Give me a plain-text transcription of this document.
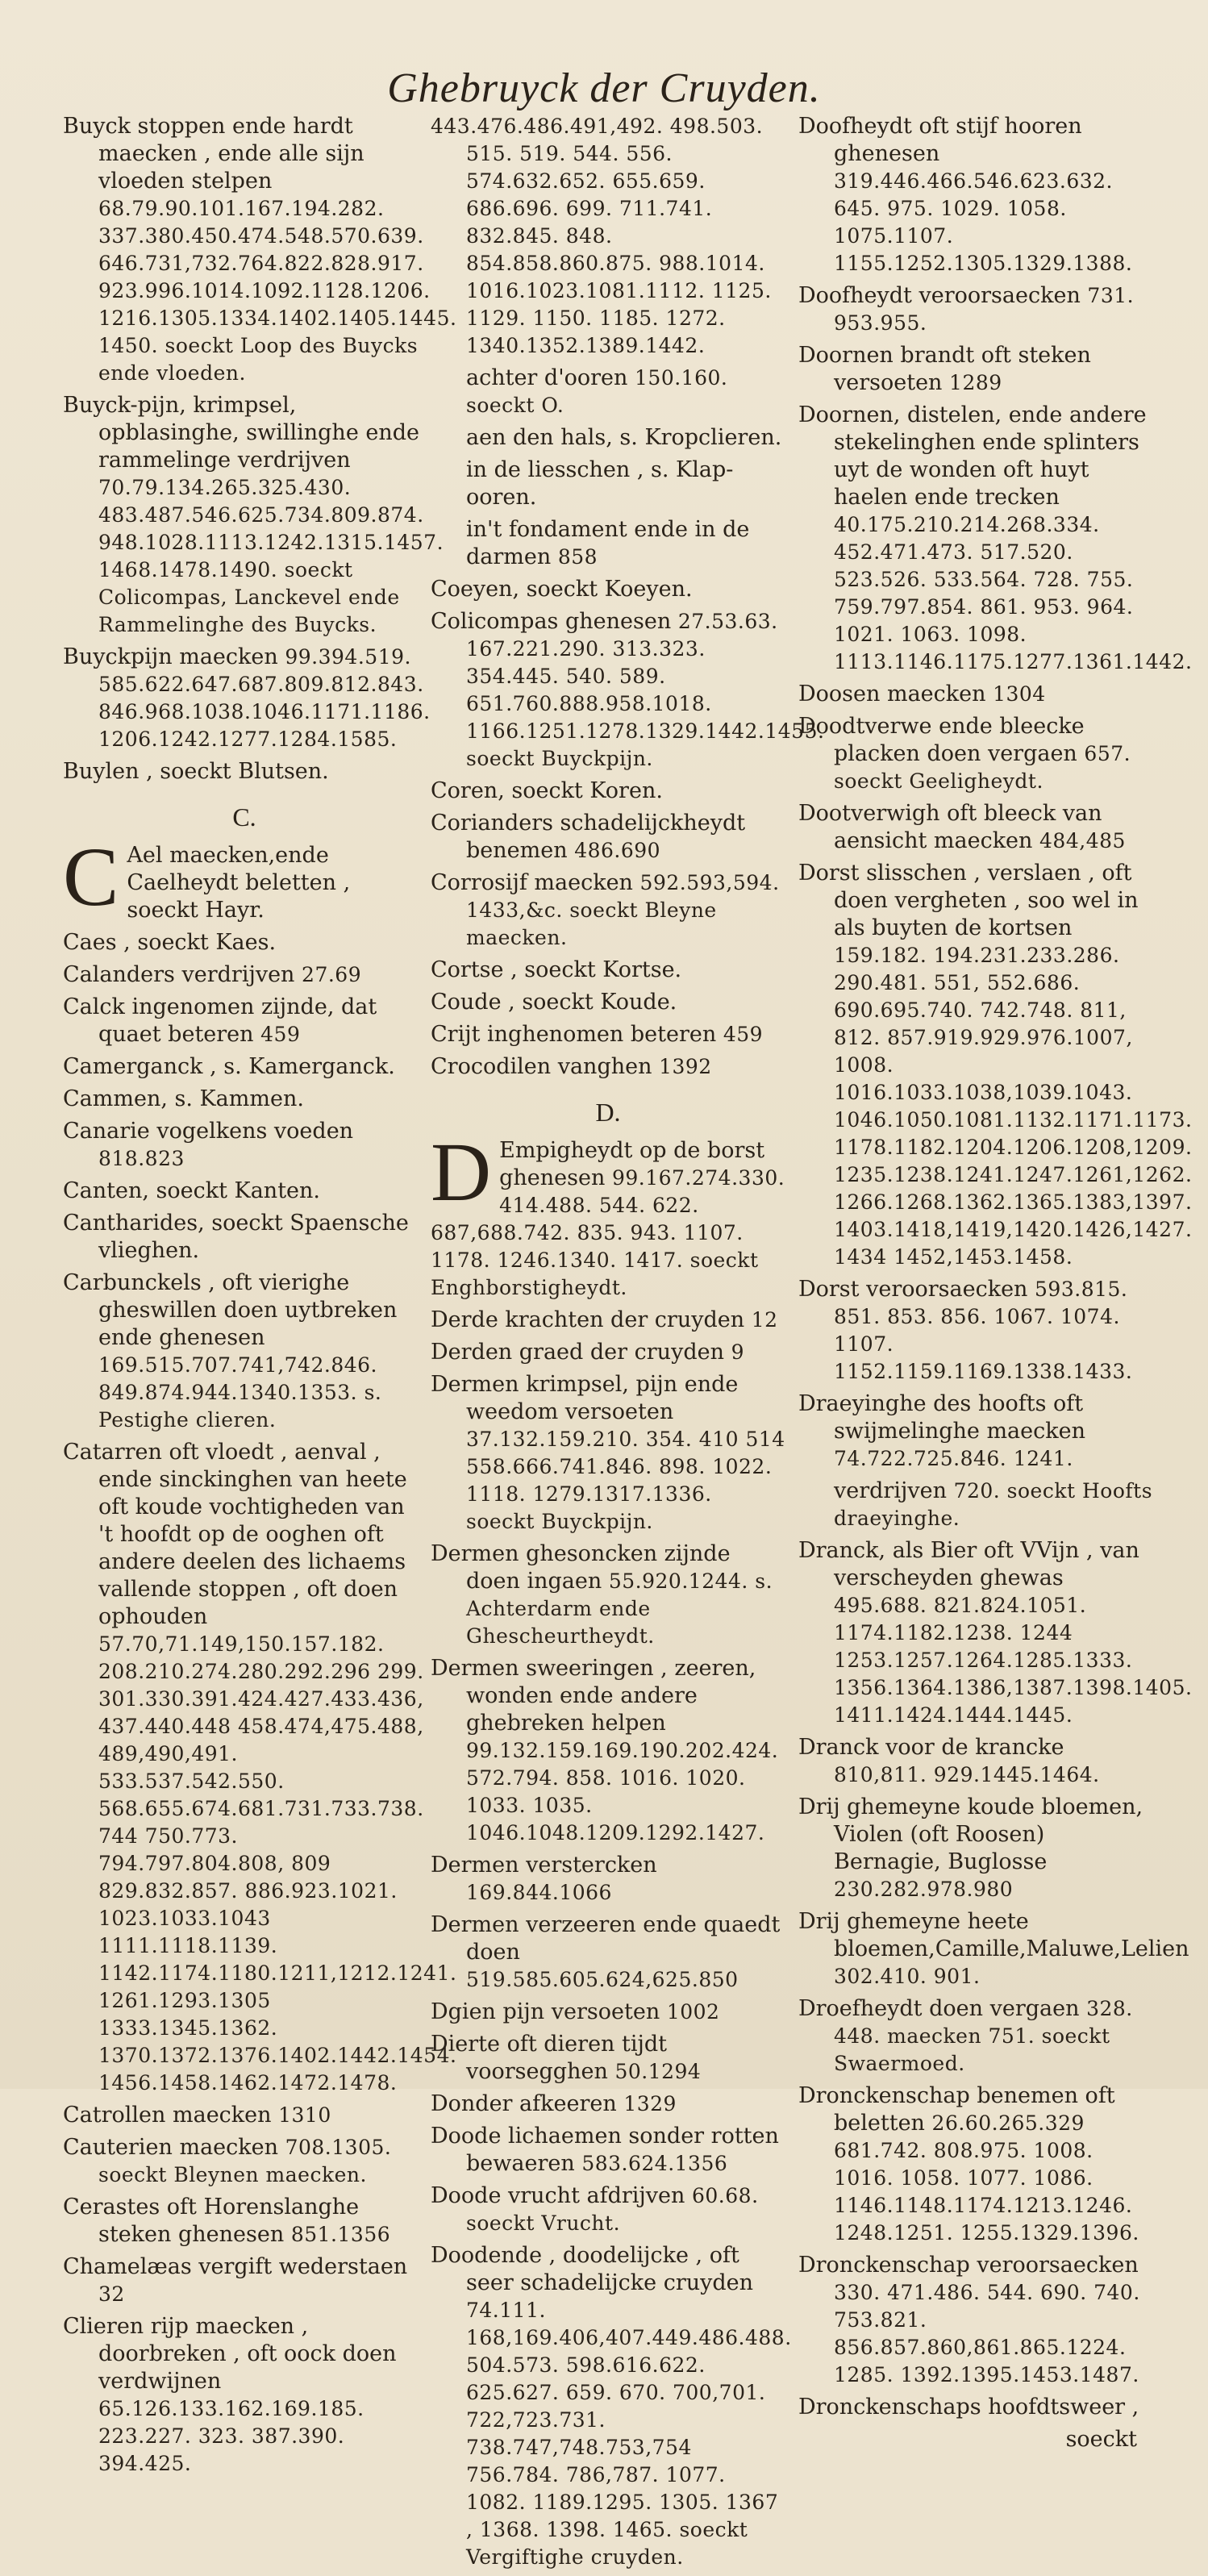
Ghebruyck der Cruyden.
Buyck stoppen ende hardt maecken , ende alle sijn vloeden stelpen 68.79.90.101.167.194.282. 337.380.450.474.548.570.639. 646.731,732.764.822.828.917. 923.996.1014.1092.1128.1206. 1216.1305.1334.1402.1405.1445. 1450. soeckt Loop des Buycks ende vloeden.
Buyck-pijn, krimpsel, opblasinghe, swillinghe ende rammelinge verdrijven 70.79.134.265.325.430. 483.487.546.625.734.809.874. 948.1028.1113.1242.1315.1457. 1468.1478.1490. soeckt Colicompas, Lanckevel ende Rammelinghe des Buycks.
Buyckpijn maecken 99.394.519. 585.622.647.687.809.812.843. 846.968.1038.1046.1171.1186. 1206.1242.1277.1284.1585.
Buylen , soeckt Blutsen.
C.
C Ael maecken,ende Caelheydt beletten , soeckt Hayr.
Caes , soeckt Kaes.
Calanders verdrijven 27.69
Calck ingenomen zijnde, dat quaet beteren 459
Camerganck , s. Kamerganck.
Cammen, s. Kammen.
Canarie vogelkens voeden 818.823
Canten, soeckt Kanten.
Cantharides, soeckt Spaensche vlieghen.
Carbunckels , oft vierighe gheswillen doen uytbreken ende ghenesen 169.515.707.741,742.846. 849.874.944.1340.1353. s. Pestighe clieren.
Catarren oft vloedt , aenval , ende sinckinghen van heete oft koude vochtigheden van 't hoofdt op de ooghen oft andere deelen des lichaems vallende stoppen , oft doen ophouden 57.70,71.149,150.157.182. 208.210.274.280.292.296 299. 301.330.391.424.427.433.436, 437.440.448 458.474,475.488, 489,490,491. 533.537.542.550. 568.655.674.681.731.733.738. 744 750.773. 794.797.804.808, 809 829.832.857. 886.923.1021. 1023.1033.1043 1111.1118.1139. 1142.1174.1180.1211,1212.1241. 1261.1293.1305 1333.1345.1362. 1370.1372.1376.1402.1442.1454. 1456.1458.1462.1472.1478.
Catrollen maecken 1310
Cauterien maecken 708.1305. soeckt Bleynen maecken.
Cerastes oft Horenslanghe steken ghenesen 851.1356
Chamelæas vergift wederstaen 32
Clieren rijp maecken , doorbreken , oft oock doen verdwijnen 65.126.133.162.169.185. 223.227. 323. 387.390. 394.425.
443.476.486.491,492. 498.503. 515. 519. 544. 556. 574.632.652. 655.659. 686.696. 699. 711.741. 832.845. 848. 854.858.860.875. 988.1014. 1016.1023.1081.1112. 1125. 1129. 1150. 1185. 1272. 1340.1352.1389.1442.
achter d'ooren 150.160. soeckt O.
aen den hals, s. Kropclieren.
in de liesschen , s. Klap-ooren.
in't fondament ende in de darmen 858
Coeyen, soeckt Koeyen.
Colicompas ghenesen 27.53.63. 167.221.290. 313.323. 354.445. 540. 589. 651.760.888.958.1018. 1166.1251.1278.1329.1442.1455. soeckt Buyckpijn.
Coren, soeckt Koren.
Corianders schadelijckheydt benemen 486.690
Corrosijf maecken 592.593,594. 1433,&c. soeckt Bleyne maecken.
Cortse , soeckt Kortse.
Coude , soeckt Koude.
Crijt inghenomen beteren 459
Crocodilen vanghen 1392
D.
D Empigheydt op de borst ghenesen 99.167.274.330. 414.488. 544. 622. 687,688.742. 835. 943. 1107. 1178. 1246.1340. 1417. soeckt Enghborstigheydt.
Derde krachten der cruyden 12
Derden graed der cruyden 9
Dermen krimpsel, pijn ende weedom versoeten 37.132.159.210. 354. 410 514 558.666.741.846. 898. 1022. 1118. 1279.1317.1336. soeckt Buyckpijn.
Dermen ghesoncken zijnde doen ingaen 55.920.1244. s. Achterdarm ende Ghescheurtheydt.
Dermen sweeringen , zeeren, wonden ende andere ghebreken helpen 99.132.159.169.190.202.424. 572.794. 858. 1016. 1020. 1033. 1035. 1046.1048.1209.1292.1427.
Dermen verstercken 169.844.1066
Dermen verzeeren ende quaedt doen 519.585.605.624,625.850
Dgien pijn versoeten 1002
Dierte oft dieren tijdt voorsegghen 50.1294
Donder afkeeren 1329
Doode lichaemen sonder rotten bewaeren 583.624.1356
Doode vrucht afdrijven 60.68. soeckt Vrucht.
Doodende , doodelijcke , oft seer schadelijcke cruyden 74.111. 168,169.406,407.449.486.488. 504.573. 598.616.622. 625.627. 659. 670. 700,701. 722,723.731. 738.747,748.753,754 756.784. 786,787. 1077. 1082. 1189.1295. 1305. 1367 , 1368. 1398. 1465. soeckt Vergiftighe cruyden.
Doofheydt oft stijf hooren ghenesen 319.446.466.546.623.632. 645. 975. 1029. 1058. 1075.1107. 1155.1252.1305.1329.1388.
Doofheydt veroorsaecken 731. 953.955.
Doornen brandt oft steken versoeten 1289
Doornen, distelen, ende andere stekelinghen ende splinters uyt de wonden oft huyt haelen ende trecken 40.175.210.214.268.334. 452.471.473. 517.520. 523.526. 533.564. 728. 755. 759.797.854. 861. 953. 964. 1021. 1063. 1098. 1113.1146.1175.1277.1361.1442.
Doosen maecken 1304
Doodtverwe ende bleecke placken doen vergaen 657. soeckt Geeligheydt.
Dootverwigh oft bleeck van aensicht maecken 484,485
Dorst slisschen , verslaen , oft doen vergheten , soo wel in als buyten de kortsen 159.182. 194.231.233.286. 290.481. 551, 552.686. 690.695.740. 742.748. 811, 812. 857.919.929.976.1007, 1008. 1016.1033.1038,1039.1043. 1046.1050.1081.1132.1171.1173. 1178.1182.1204.1206.1208,1209. 1235.1238.1241.1247.1261,1262. 1266.1268.1362.1365.1383,1397. 1403.1418,1419,1420.1426,1427. 1434 1452,1453.1458.
Dorst veroorsaecken 593.815. 851. 853. 856. 1067. 1074. 1107. 1152.1159.1169.1338.1433.
Draeyinghe des hoofts oft swijmelinghe maecken 74.722.725.846. 1241.
verdrijven 720. soeckt Hoofts draeyinghe.
Dranck, als Bier oft VVijn , van verscheyden ghewas 495.688. 821.824.1051. 1174.1182.1238. 1244 1253.1257.1264.1285.1333. 1356.1364.1386,1387.1398.1405. 1411.1424.1444.1445.
Dranck voor de krancke 810,811. 929.1445.1464.
Drij ghemeyne koude bloemen, Violen (oft Roosen) Bernagie, Buglosse 230.282.978.980
Drij ghemeyne heete bloemen,Camille,Maluwe,Lelien 302.410. 901.
Droefheydt doen vergaen 328. 448. maecken 751. soeckt Swaermoed.
Dronckenschap benemen oft beletten 26.60.265.329 681.742. 808.975. 1008. 1016. 1058. 1077. 1086. 1146.1148.1174.1213.1246. 1248.1251. 1255.1329.1396.
Dronckenschap veroorsaecken 330. 471.486. 544. 690. 740. 753.821. 856.857.860,861.865.1224. 1285. 1392.1395.1453.1487.
Dronckenschaps hoofdtsweer ,
soeckt
